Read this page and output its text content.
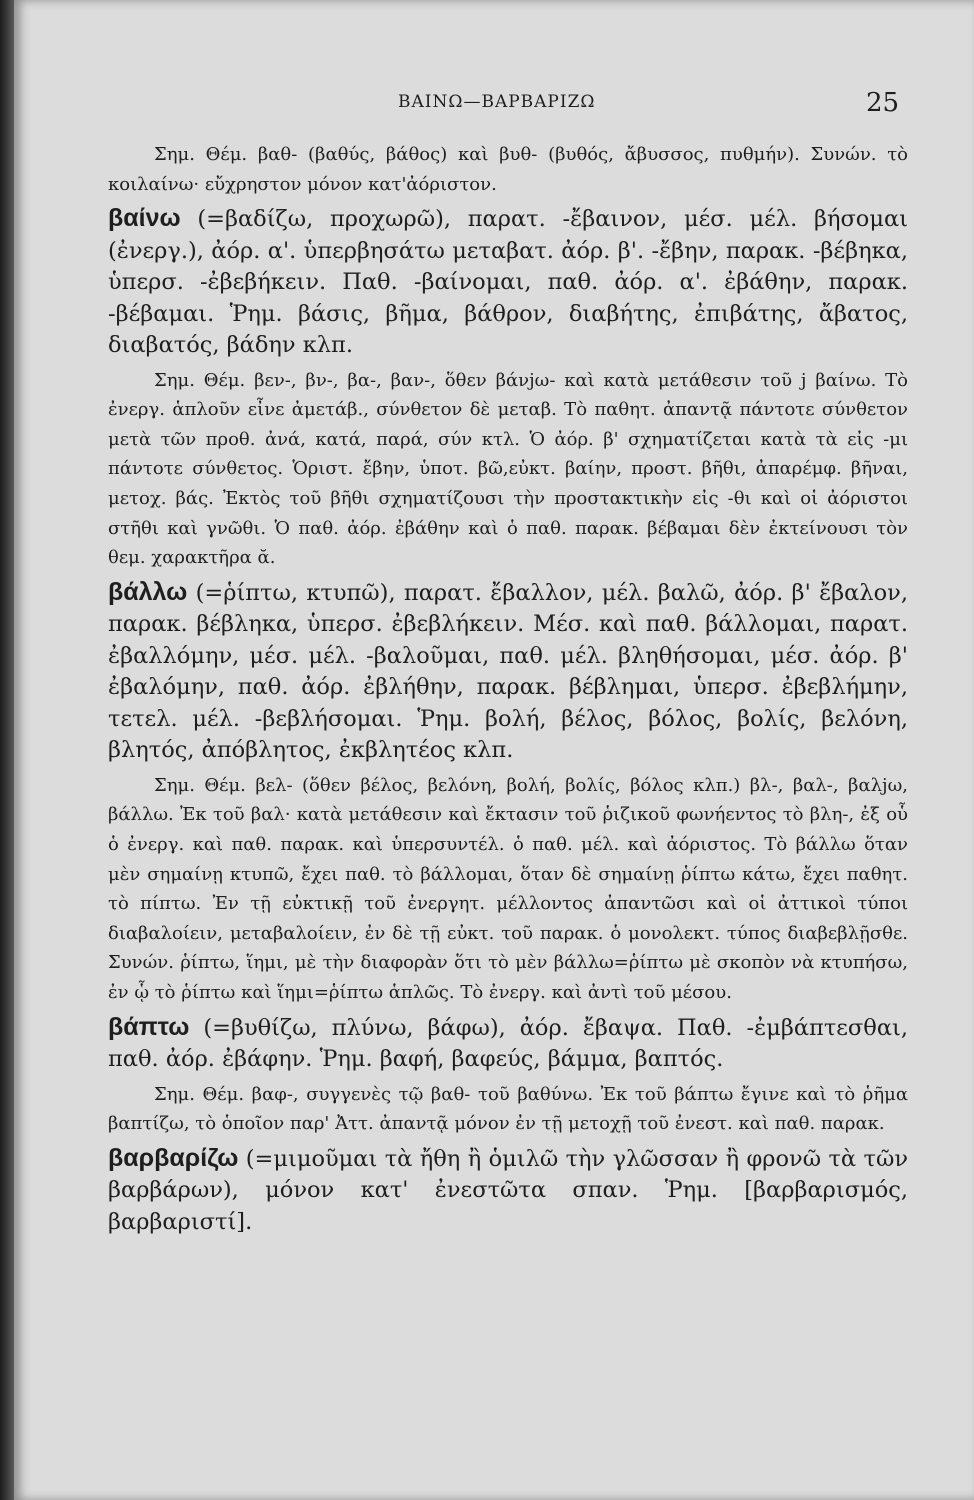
ΒΑΙΝΩ—ΒΑΡΒΑΡΙΖΩ	25

Σημ. Θέμ. βαθ- (βαθύς, βάθος) καὶ βυθ- (βυθός, ἄβυσσος, πυθμήν). Συνών. τὸ κοιλαίνω· εὔχρηστον μόνον κατ'ἀόριστον.

βαίνω (=βαδίζω, προχωρῶ), παρατ. -ἔβαινον, μέσ. μέλ. βήσομαι (ἐνεργ.), ἀόρ. α'. ὑπερβησάτω μεταβατ. ἀόρ. β'. -ἔβην, παρακ. -βέβηκα, ὑπερσ. -ἐβεβήκειν. Παθ. -βαίνομαι, παθ. ἀόρ. α'. ἐβάθην, παρακ. -βέβαμαι. Ῥημ. βάσις, βῆμα, βάθρον, διαβήτης, ἐπιβάτης, ἄβατος, διαβατός, βάδην κλπ.

Σημ. Θέμ. βεν-, βν-, βα-, βαν-, ὅθεν βάνjω- καὶ κατὰ μετάθεσιν τοῦ j βαίνω. Τὸ ἐνεργ. ἁπλοῦν εἶνε ἀμετάβ., σύνθετον δὲ μεταβ. Τὸ παθητ. ἀπαντᾷ πάντοτε σύνθετον μετὰ τῶν προθ. ἀνά, κατά, παρά, σύν κτλ. Ὁ ἀόρ. β' σχηματίζεται κατὰ τὰ εἰς -μι πάντοτε σύνθετος. Ὁριστ. ἔβην, ὑποτ. βῶ,εὐκτ. βαίην, προστ. βῆθι, ἀπαρέμφ. βῆναι, μετοχ. βάς. Ἐκτὸς τοῦ βῆθι σχηματίζουσι τὴν προστακτικὴν εἰς -θι καὶ οἱ ἀόριστοι στῆθι καὶ γνῶθι. Ὁ παθ. ἀόρ. ἐβάθην καὶ ὁ παθ. παρακ. βέβαμαι δὲν ἐκτείνουσι τὸν θεμ. χαρακτῆρα ᾰ.

βάλλω (=ῥίπτω, κτυπῶ), παρατ. ἔβαλλον, μέλ. βαλῶ, ἀόρ. β' ἔβαλον, παρακ. βέβληκα, ὑπερσ. ἐβεβλήκειν. Μέσ. καὶ παθ. βάλλομαι, παρατ. ἐβαλλόμην, μέσ. μέλ. -βαλοῦμαι, παθ. μέλ. βληθήσομαι, μέσ. ἀόρ. β' ἐβαλόμην, παθ. ἀόρ. ἐβλήθην, παρακ. βέβλημαι, ὑπερσ. ἐβεβλήμην, τετελ. μέλ. -βεβλήσομαι. Ῥημ. βολή, βέλος, βόλος, βολίς, βελόνη, βλητός, ἀπόβλητος, ἐκβλητέος κλπ.

Σημ. Θέμ. βελ- (ὅθεν βέλος, βελόνη, βολή, βολίς, βόλος κλπ.) βλ-, βαλ-, βαλjω, βάλλω. Ἐκ τοῦ βαλ· κατὰ μετάθεσιν καὶ ἔκτασιν τοῦ ῥιζικοῦ φωνήεντος τὸ βλη-, ἐξ οὗ ὁ ἐνεργ. καὶ παθ. παρακ. καὶ ὑπερσυντέλ. ὁ παθ. μέλ. καὶ ἀόριστος. Τὸ βάλλω ὅταν μὲν σημαίνῃ κτυπῶ, ἔχει παθ. τὸ βάλλομαι, ὅταν δὲ σημαίνῃ ῥίπτω κάτω, ἔχει παθητ. τὸ πίπτω. Ἐν τῇ εὐκτικῇ τοῦ ἐνεργητ. μέλλοντος ἀπαντῶσι καὶ οἱ ἀττικοὶ τύποι διαβαλοίειν, μεταβαλοίειν, ἐν δὲ τῇ εὐκτ. τοῦ παρακ. ὁ μονολεκτ. τύπος διαβεβλῇσθε. Συνών. ῥίπτω, ἵημι, μὲ τὴν διαφορὰν ὅτι τὸ μὲν βάλλω=ῥίπτω μὲ σκοπὸν νὰ κτυπήσω, ἐν ᾧ τὸ ῥίπτω καὶ ἵημι=ῥίπτω ἁπλῶς. Τὸ ἐνεργ. καὶ ἀντὶ τοῦ μέσου.

βάπτω (=βυθίζω, πλύνω, βάφω), ἀόρ. ἔβαψα. Παθ. -ἐμβάπτεσθαι, παθ. ἀόρ. ἐβάφην. Ῥημ. βαφή, βαφεύς, βάμμα, βαπτός.

Σημ. Θέμ. βαφ-, συγγενὲς τῷ βαθ- τοῦ βαθύνω. Ἐκ τοῦ βάπτω ἔγινε καὶ τὸ ῥῆμα βαπτίζω, τὸ ὁποῖον παρ' Ἀττ. ἀπαντᾷ μόνον ἐν τῇ μετοχῇ τοῦ ἐνεστ. καὶ παθ. παρακ.

βαρβαρίζω (=μιμοῦμαι τὰ ἤθη ἢ ὁμιλῶ τὴν γλῶσσαν ἢ φρονῶ τὰ τῶν βαρβάρων), μόνον κατ' ἐνεστῶτα σπαν. Ῥημ. [βαρβαρισμός, βαρβαριστί].
